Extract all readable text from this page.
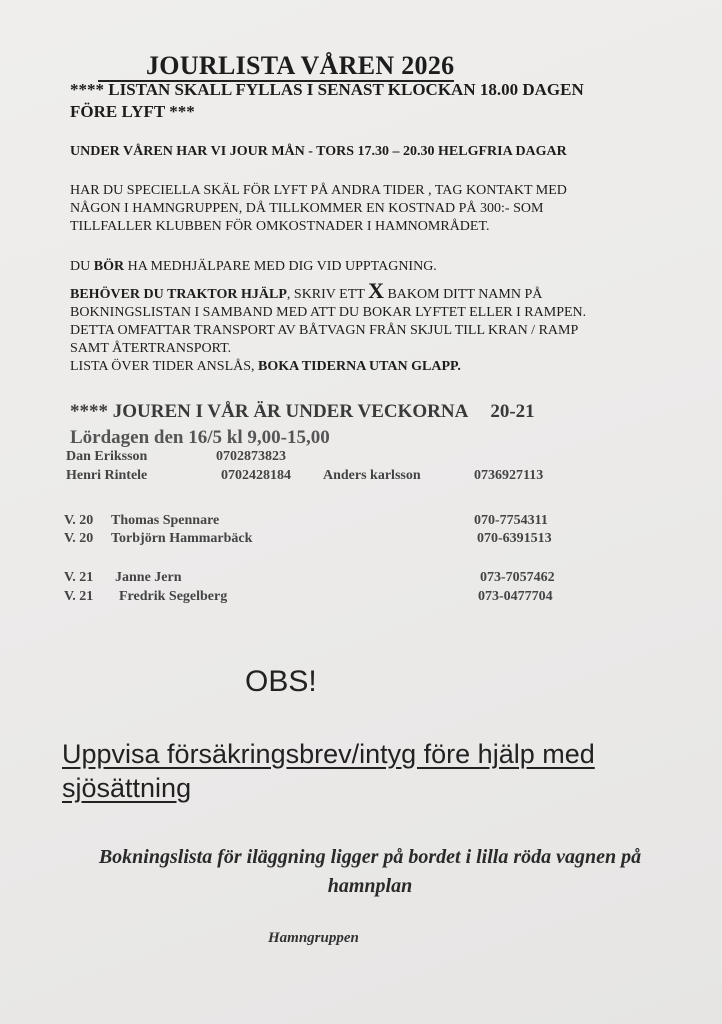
JOURLISTA VÅREN 2026
**** LISTAN SKALL FYLLAS I SENAST KLOCKAN 18.00 DAGEN
FÖRE LYFT ***
UNDER VÅREN HAR VI JOUR MÅN - TORS 17.30 – 20.30 HELGFRIA DAGAR
HAR DU SPECIELLA SKÄL FÖR LYFT PÅ ANDRA TIDER , TAG KONTAKT MED
NÅGON I HAMNGRUPPEN, DÅ TILLKOMMER EN KOSTNAD PÅ 300:- SOM
TILLFALLER KLUBBEN FÖR OMKOSTNADER I HAMNOMRÅDET.
DU BÖR HA MEDHJÄLPARE MED DIG VID UPPTAGNING.
BEHÖVER DU TRAKTOR HJÄLP, SKRIV ETT X BAKOM DITT NAMN PÅ
BOKNINGSLISTAN I SAMBAND MED ATT DU BOKAR LYFTET ELLER I RAMPEN.
DETTA OMFATTAR TRANSPORT AV BÅTVAGN FRÅN SKJUL TILL KRAN / RAMP
SAMT ÅTERTRANSPORT.
LISTA ÖVER TIDER ANSLÅS, BOKA TIDERNA UTAN GLAPP.
**** JOUREN I VÅR ÄR UNDER VECKORNA 20-21
Lördagen den 16/5 kl 9,00-15,00
Dan Eriksson	0702873823
Henri Rintele	0702428184 Anders karlsson	0736927113
V. 20 Thomas Spennare	070-7754311
V. 20 Torbjörn Hammarbäck	070-6391513
V. 21 Janne Jern	073-7057462
V. 21 Fredrik Segelberg	073-0477704
OBS!
Uppvisa försäkringsbrev/intyg före hjälp med sjösättning
Bokningslista för iläggning ligger på bordet i lilla röda vagnen på hamnplan
Hamngruppen
